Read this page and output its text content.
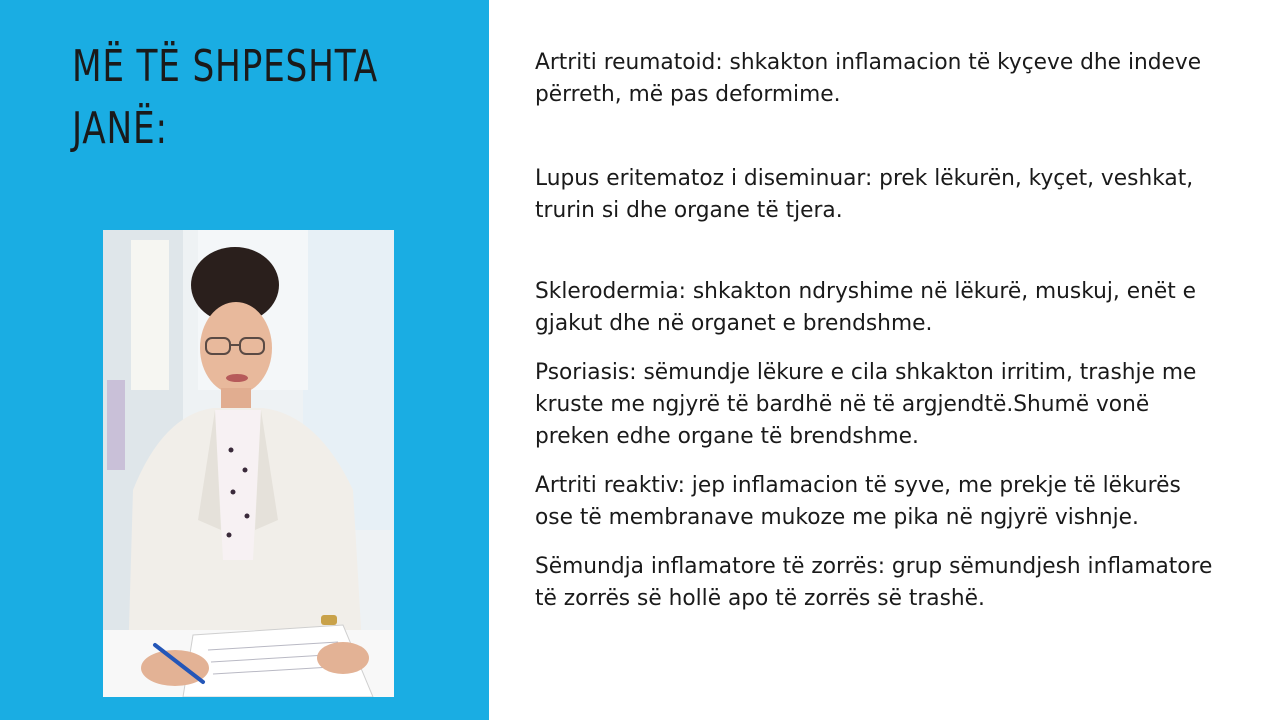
MË TË SHPESHTA
JANË:

Artriti reumatoid: shkakton inflamacion të kyçeve dhe indeve
përreth, më pas deformime.

Lupus eritematoz i diseminuar: prek lëkurën, kyçet, veshkat,
trurin si dhe organe të tjera.

Sklerodermia: shkakton ndryshime në lëkurë, muskuj, enët e
gjakut dhe në organet e brendshme.

Psoriasis: sëmundje lëkure e cila shkakton irritim, trashje me
kruste me ngjyrë të bardhë në të argjendtë.Shumë vonë
preken edhe organe të brendshme.

Artriti reaktiv: jep inflamacion të syve, me prekje të lëkurës
ose të membranave mukoze me pika në ngjyrë vishnje.

Sëmundja inflamatore të zorrës: grup sëmundjesh inflamatore
të zorrës së hollë apo të zorrës së trashë.
